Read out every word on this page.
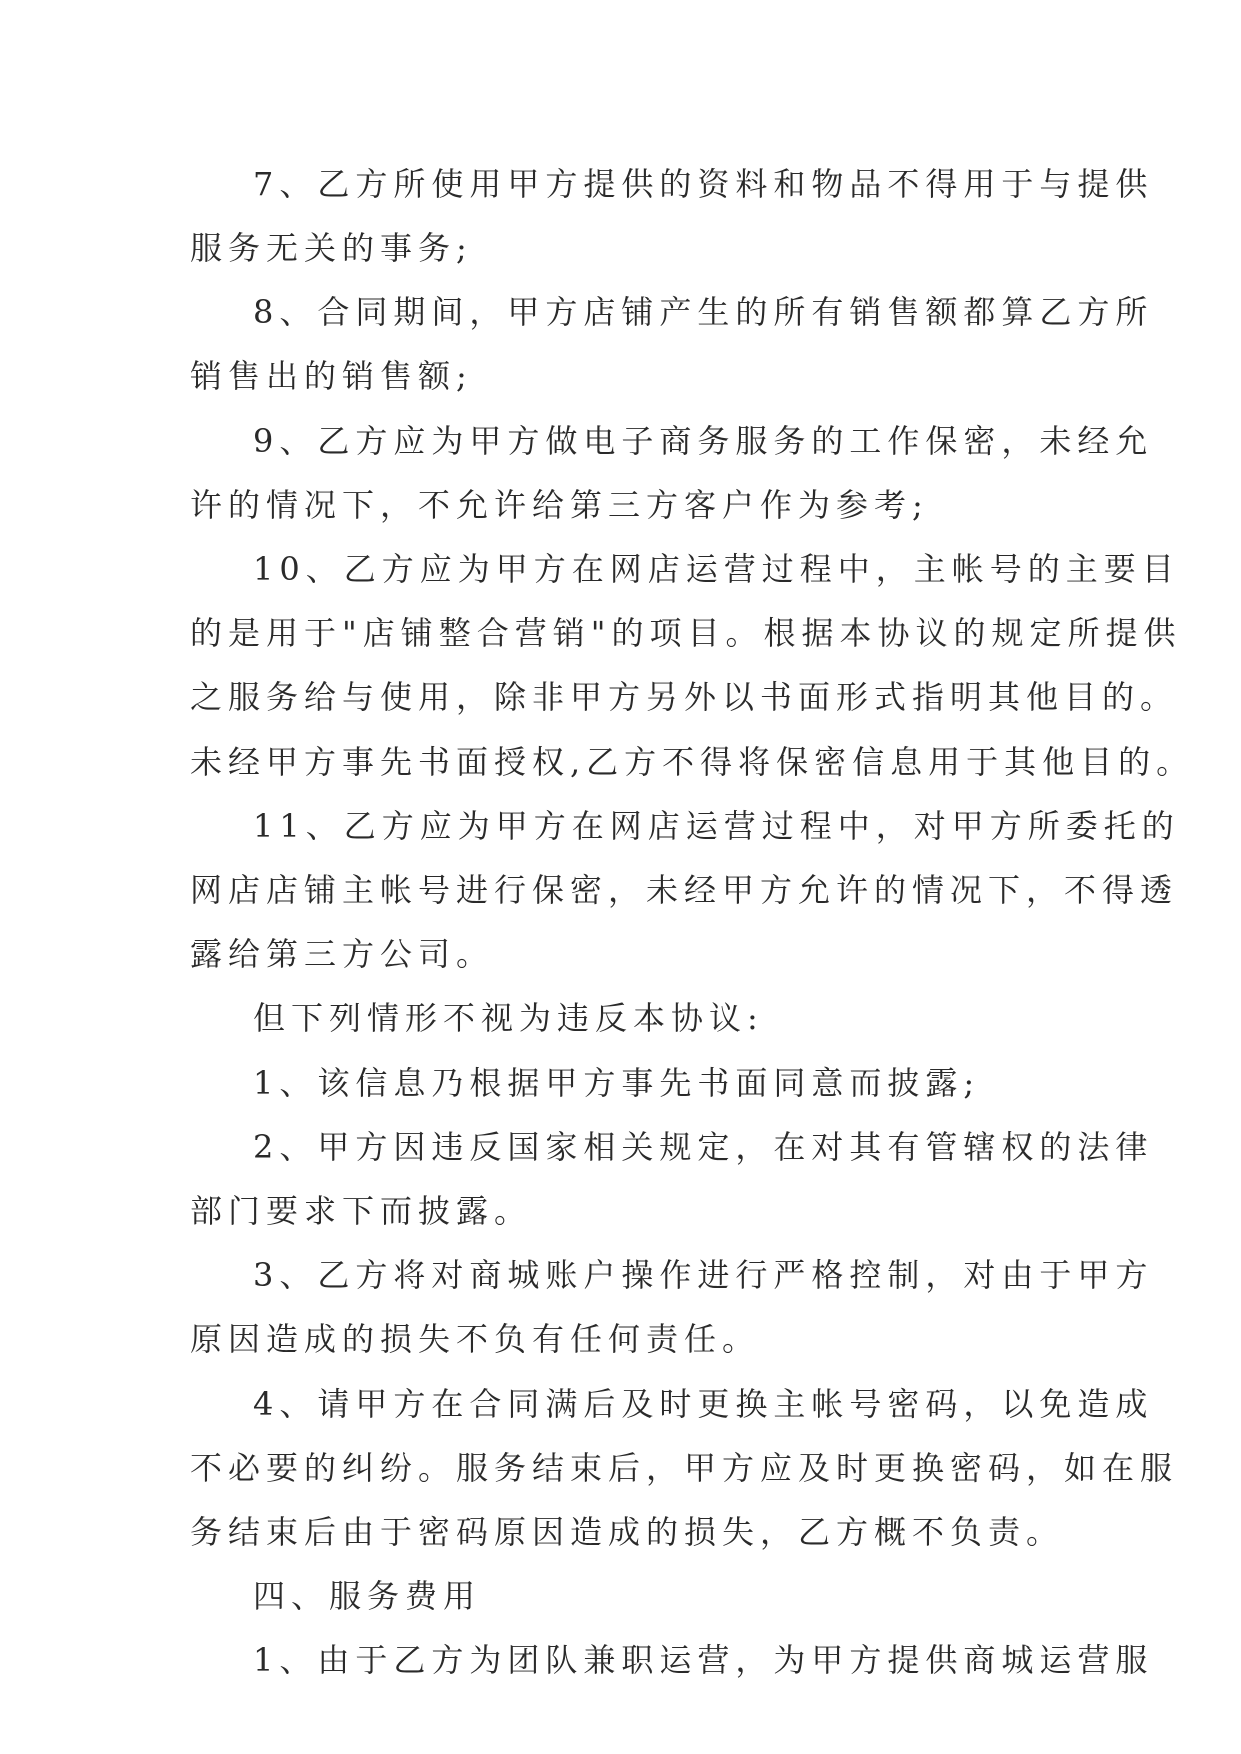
7、乙方所使用甲方提供的资料和物品不得用于与提供
服务无关的事务;
8、合同期间，甲方店铺产生的所有销售额都算乙方所
销售出的销售额;
9、乙方应为甲方做电子商务服务的工作保密，未经允
许的情况下，不允许给第三方客户作为参考;
10、乙方应为甲方在网店运营过程中，主帐号的主要目
的是用于"店铺整合营销"的项目。根据本协议的规定所提供
之服务给与使用，除非甲方另外以书面形式指明其他目的。
未经甲方事先书面授权,乙方不得将保密信息用于其他目的。
11、乙方应为甲方在网店运营过程中，对甲方所委托的
网店店铺主帐号进行保密，未经甲方允许的情况下，不得透
露给第三方公司。
但下列情形不视为违反本协议:
1、该信息乃根据甲方事先书面同意而披露;
2、甲方因违反国家相关规定，在对其有管辖权的法律
部门要求下而披露。
3、乙方将对商城账户操作进行严格控制，对由于甲方
原因造成的损失不负有任何责任。
4、请甲方在合同满后及时更换主帐号密码，以免造成
不必要的纠纷。服务结束后，甲方应及时更换密码，如在服
务结束后由于密码原因造成的损失，乙方概不负责。
四、服务费用
1、由于乙方为团队兼职运营，为甲方提供商城运营服
